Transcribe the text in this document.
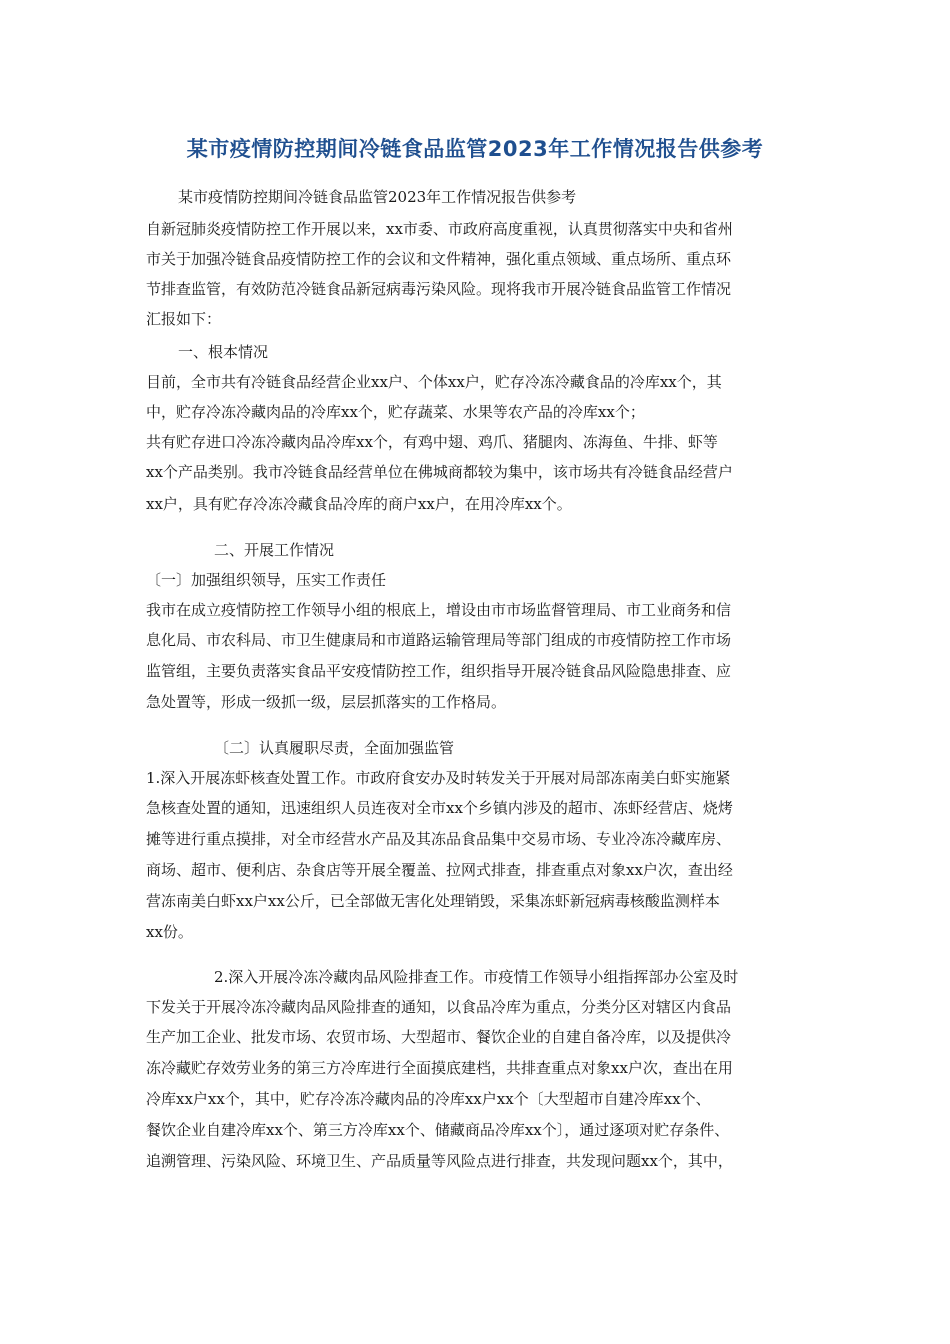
某市疫情防控期间冷链食品监管2023年工作情况报告供参考
某市疫情防控期间冷链食品监管2023年工作情况报告供参考
自新冠肺炎疫情防控工作开展以来，xx市委、市政府高度重视，认真贯彻落实中央和省州
市关于加强冷链食品疫情防控工作的会议和文件精神，强化重点领域、重点场所、重点环
节排查监管，有效防范冷链食品新冠病毒污染风险。现将我市开展冷链食品监管工作情况
汇报如下：
一、根本情况
目前，全市共有冷链食品经营企业xx户、个体xx户，贮存冷冻冷藏食品的冷库xx个，其
中，贮存冷冻冷藏肉品的冷库xx个，贮存蔬菜、水果等农产品的冷库xx个；
共有贮存进口冷冻冷藏肉品冷库xx个，有鸡中翅、鸡爪、猪腿肉、冻海鱼、牛排、虾等
xx个产品类别。我市冷链食品经营单位在佛城商都较为集中，该市场共有冷链食品经营户
xx户，具有贮存冷冻冷藏食品冷库的商户xx户，在用冷库xx个。
二、开展工作情况
〔一〕加强组织领导，压实工作责任
我市在成立疫情防控工作领导小组的根底上，增设由市市场监督管理局、市工业商务和信
息化局、市农科局、市卫生健康局和市道路运输管理局等部门组成的市疫情防控工作市场
监管组，主要负责落实食品平安疫情防控工作，组织指导开展冷链食品风险隐患排查、应
急处置等，形成一级抓一级，层层抓落实的工作格局。
〔二〕认真履职尽责，全面加强监管
1.深入开展冻虾核查处置工作。市政府食安办及时转发关于开展对局部冻南美白虾实施紧
急核查处置的通知，迅速组织人员连夜对全市xx个乡镇内涉及的超市、冻虾经营店、烧烤
摊等进行重点摸排，对全市经营水产品及其冻品食品集中交易市场、专业冷冻冷藏库房、
商场、超市、便利店、杂食店等开展全覆盖、拉网式排查，排查重点对象xx户次，查出经
营冻南美白虾xx户xx公斤，已全部做无害化处理销毁，采集冻虾新冠病毒核酸监测样本
xx份。
2.深入开展冷冻冷藏肉品风险排查工作。市疫情工作领导小组指挥部办公室及时
下发关于开展冷冻冷藏肉品风险排查的通知，以食品冷库为重点，分类分区对辖区内食品
生产加工企业、批发市场、农贸市场、大型超市、餐饮企业的自建自备冷库，以及提供冷
冻冷藏贮存效劳业务的第三方冷库进行全面摸底建档，共排查重点对象xx户次，查出在用
冷库xx户xx个，其中，贮存冷冻冷藏肉品的冷库xx户xx个〔大型超市自建冷库xx个、
餐饮企业自建冷库xx个、第三方冷库xx个、储藏商品冷库xx个〕，通过逐项对贮存条件、
追溯管理、污染风险、环境卫生、产品质量等风险点进行排查，共发现问题xx个，其中，
